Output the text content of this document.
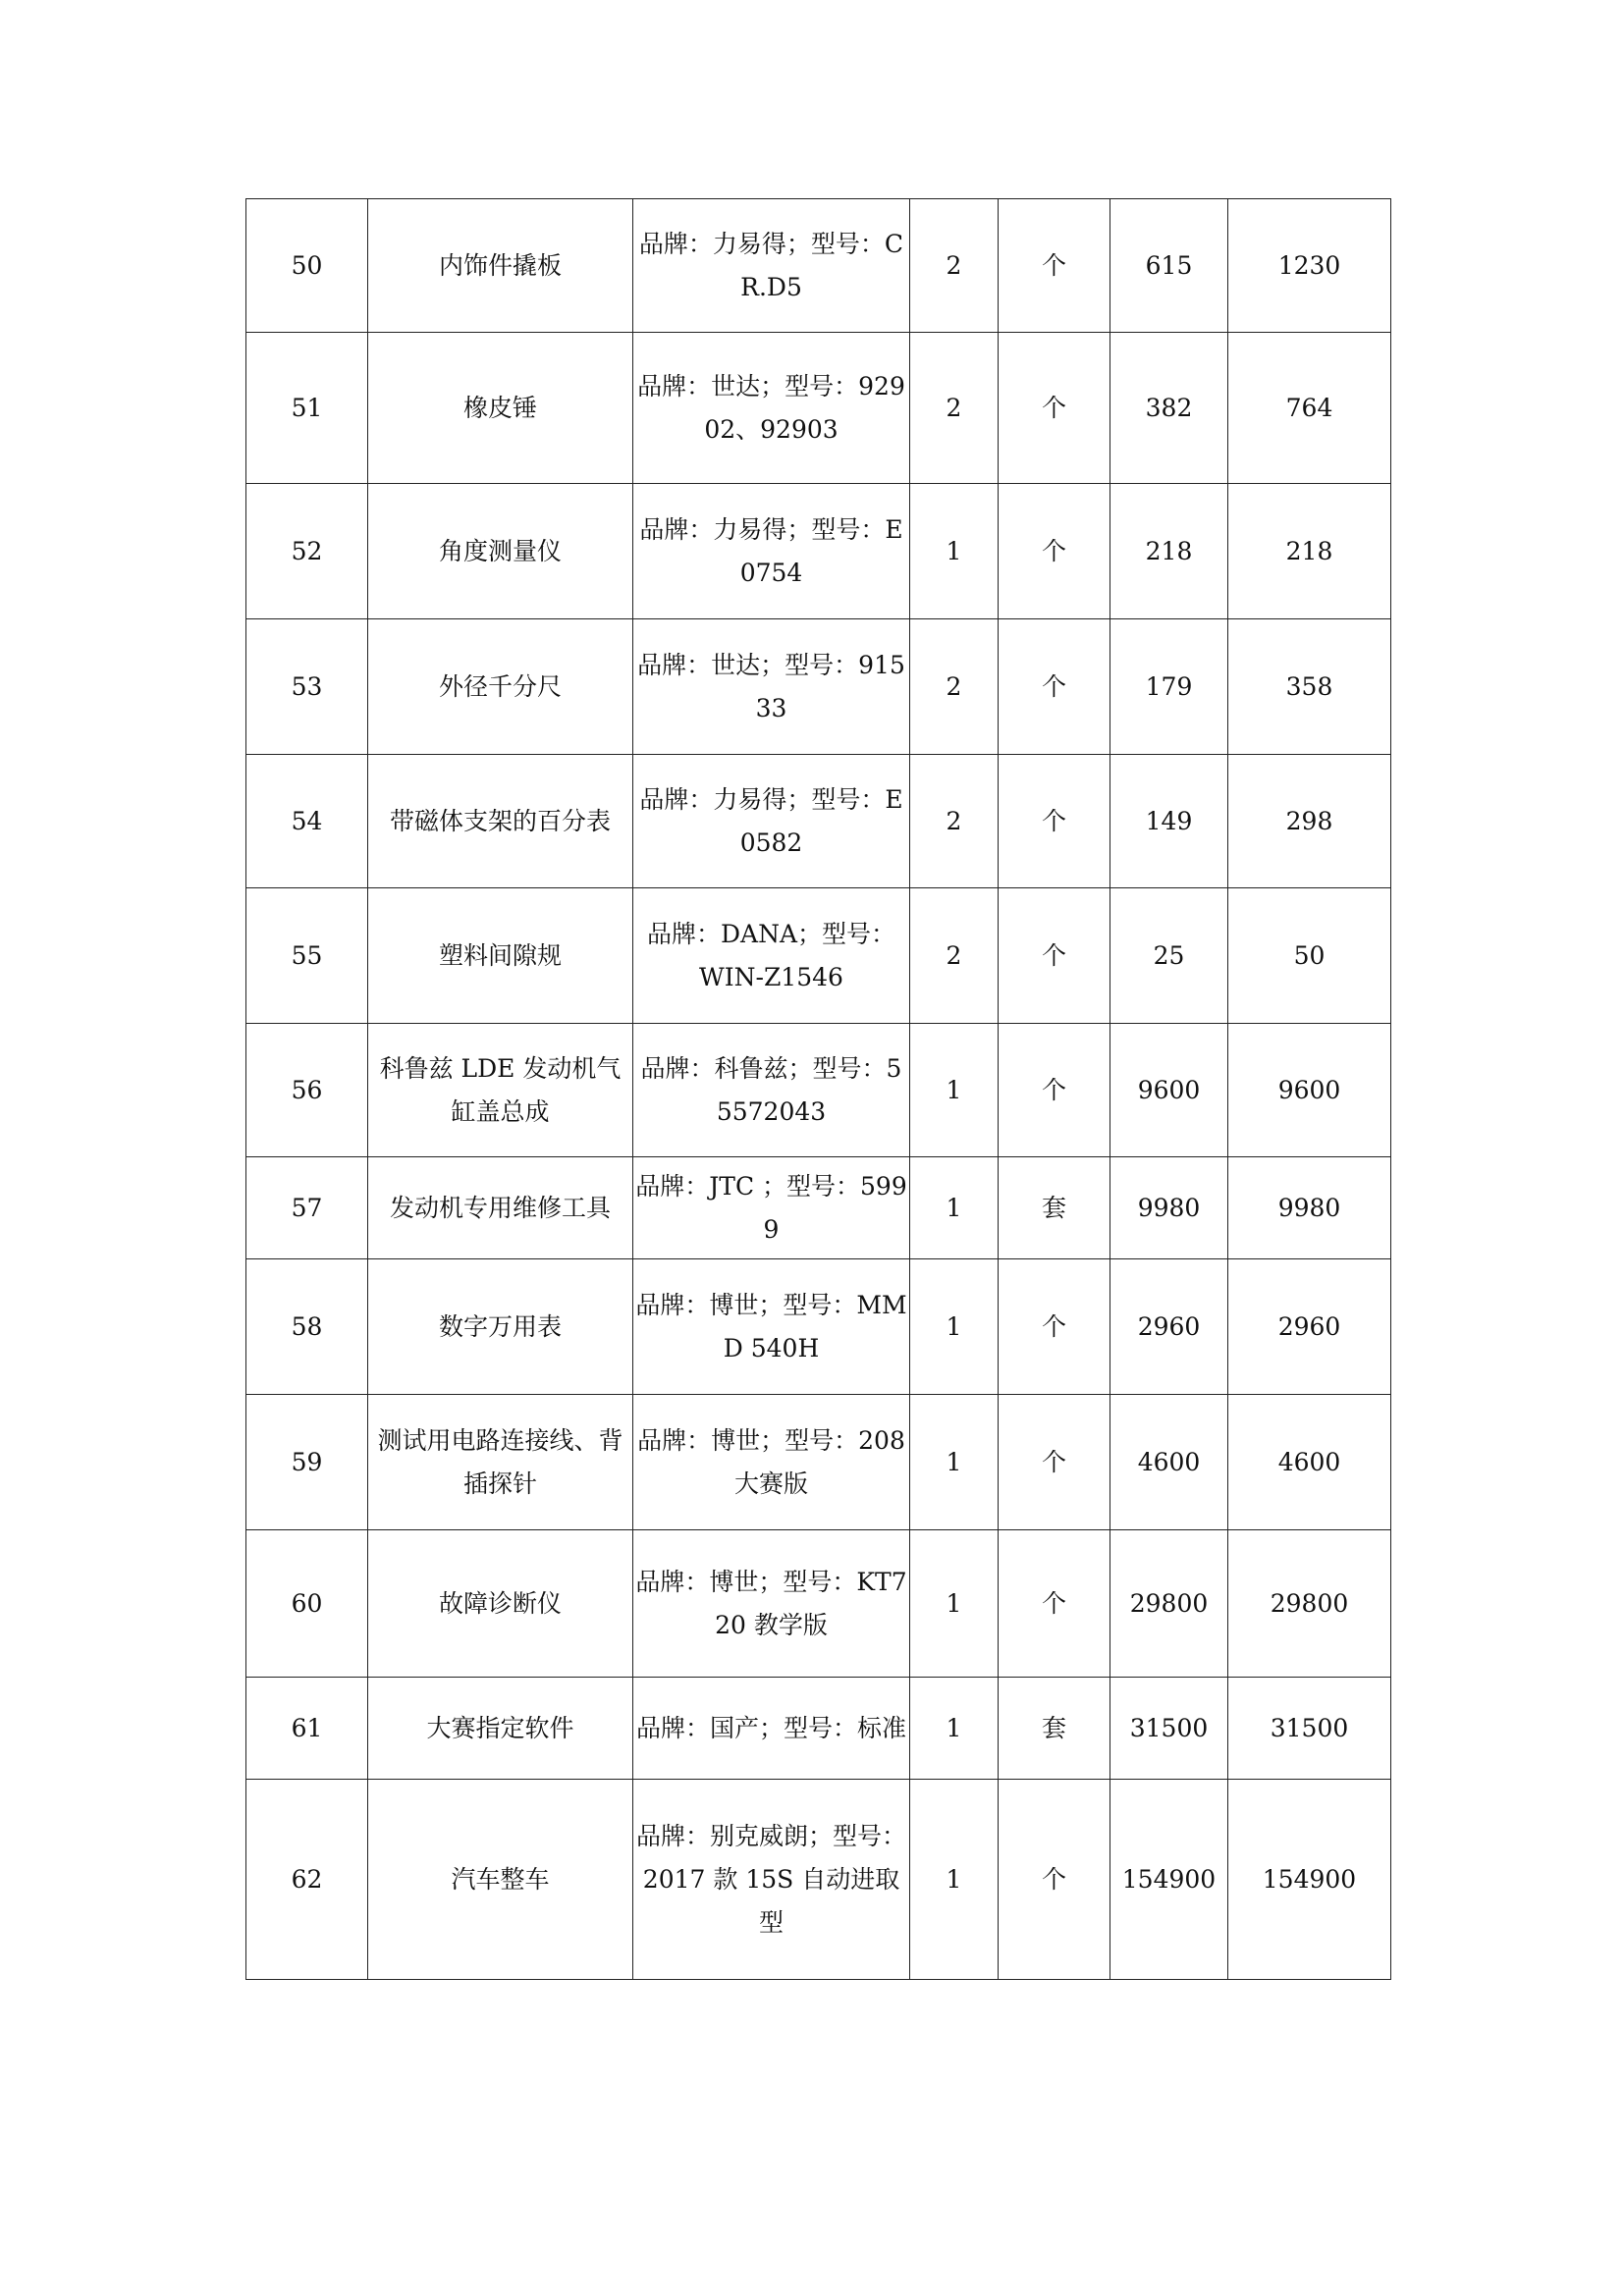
50	内饰件撬板	品牌：力易得；型号：CR.D5	2	个	615	1230
51	橡皮锤	品牌：世达；型号：92902、92903	2	个	382	764
52	角度测量仪	品牌：力易得；型号：E0754	1	个	218	218
53	外径千分尺	品牌：世达；型号：91533	2	个	179	358
54	带磁体支架的百分表	品牌：力易得；型号：E0582	2	个	149	298
55	塑料间隙规	品牌：DANA；型号：WIN-Z1546	2	个	25	50
56	科鲁兹 LDE 发动机气缸盖总成	品牌：科鲁兹；型号：55572043	1	个	9600	9600
57	发动机专用维修工具	品牌：JTC ；型号：5999	1	套	9980	9980
58	数字万用表	品牌：博世；型号：MMD 540H	1	个	2960	2960
59	测试用电路连接线、背插探针	品牌：博世；型号：208 大赛版	1	个	4600	4600
60	故障诊断仪	品牌：博世；型号：KT720 教学版	1	个	29800	29800
61	大赛指定软件	品牌：国产；型号：标准	1	套	31500	31500
62	汽车整车	品牌：别克威朗；型号：2017 款 15S 自动进取型	1	个	154900	154900
